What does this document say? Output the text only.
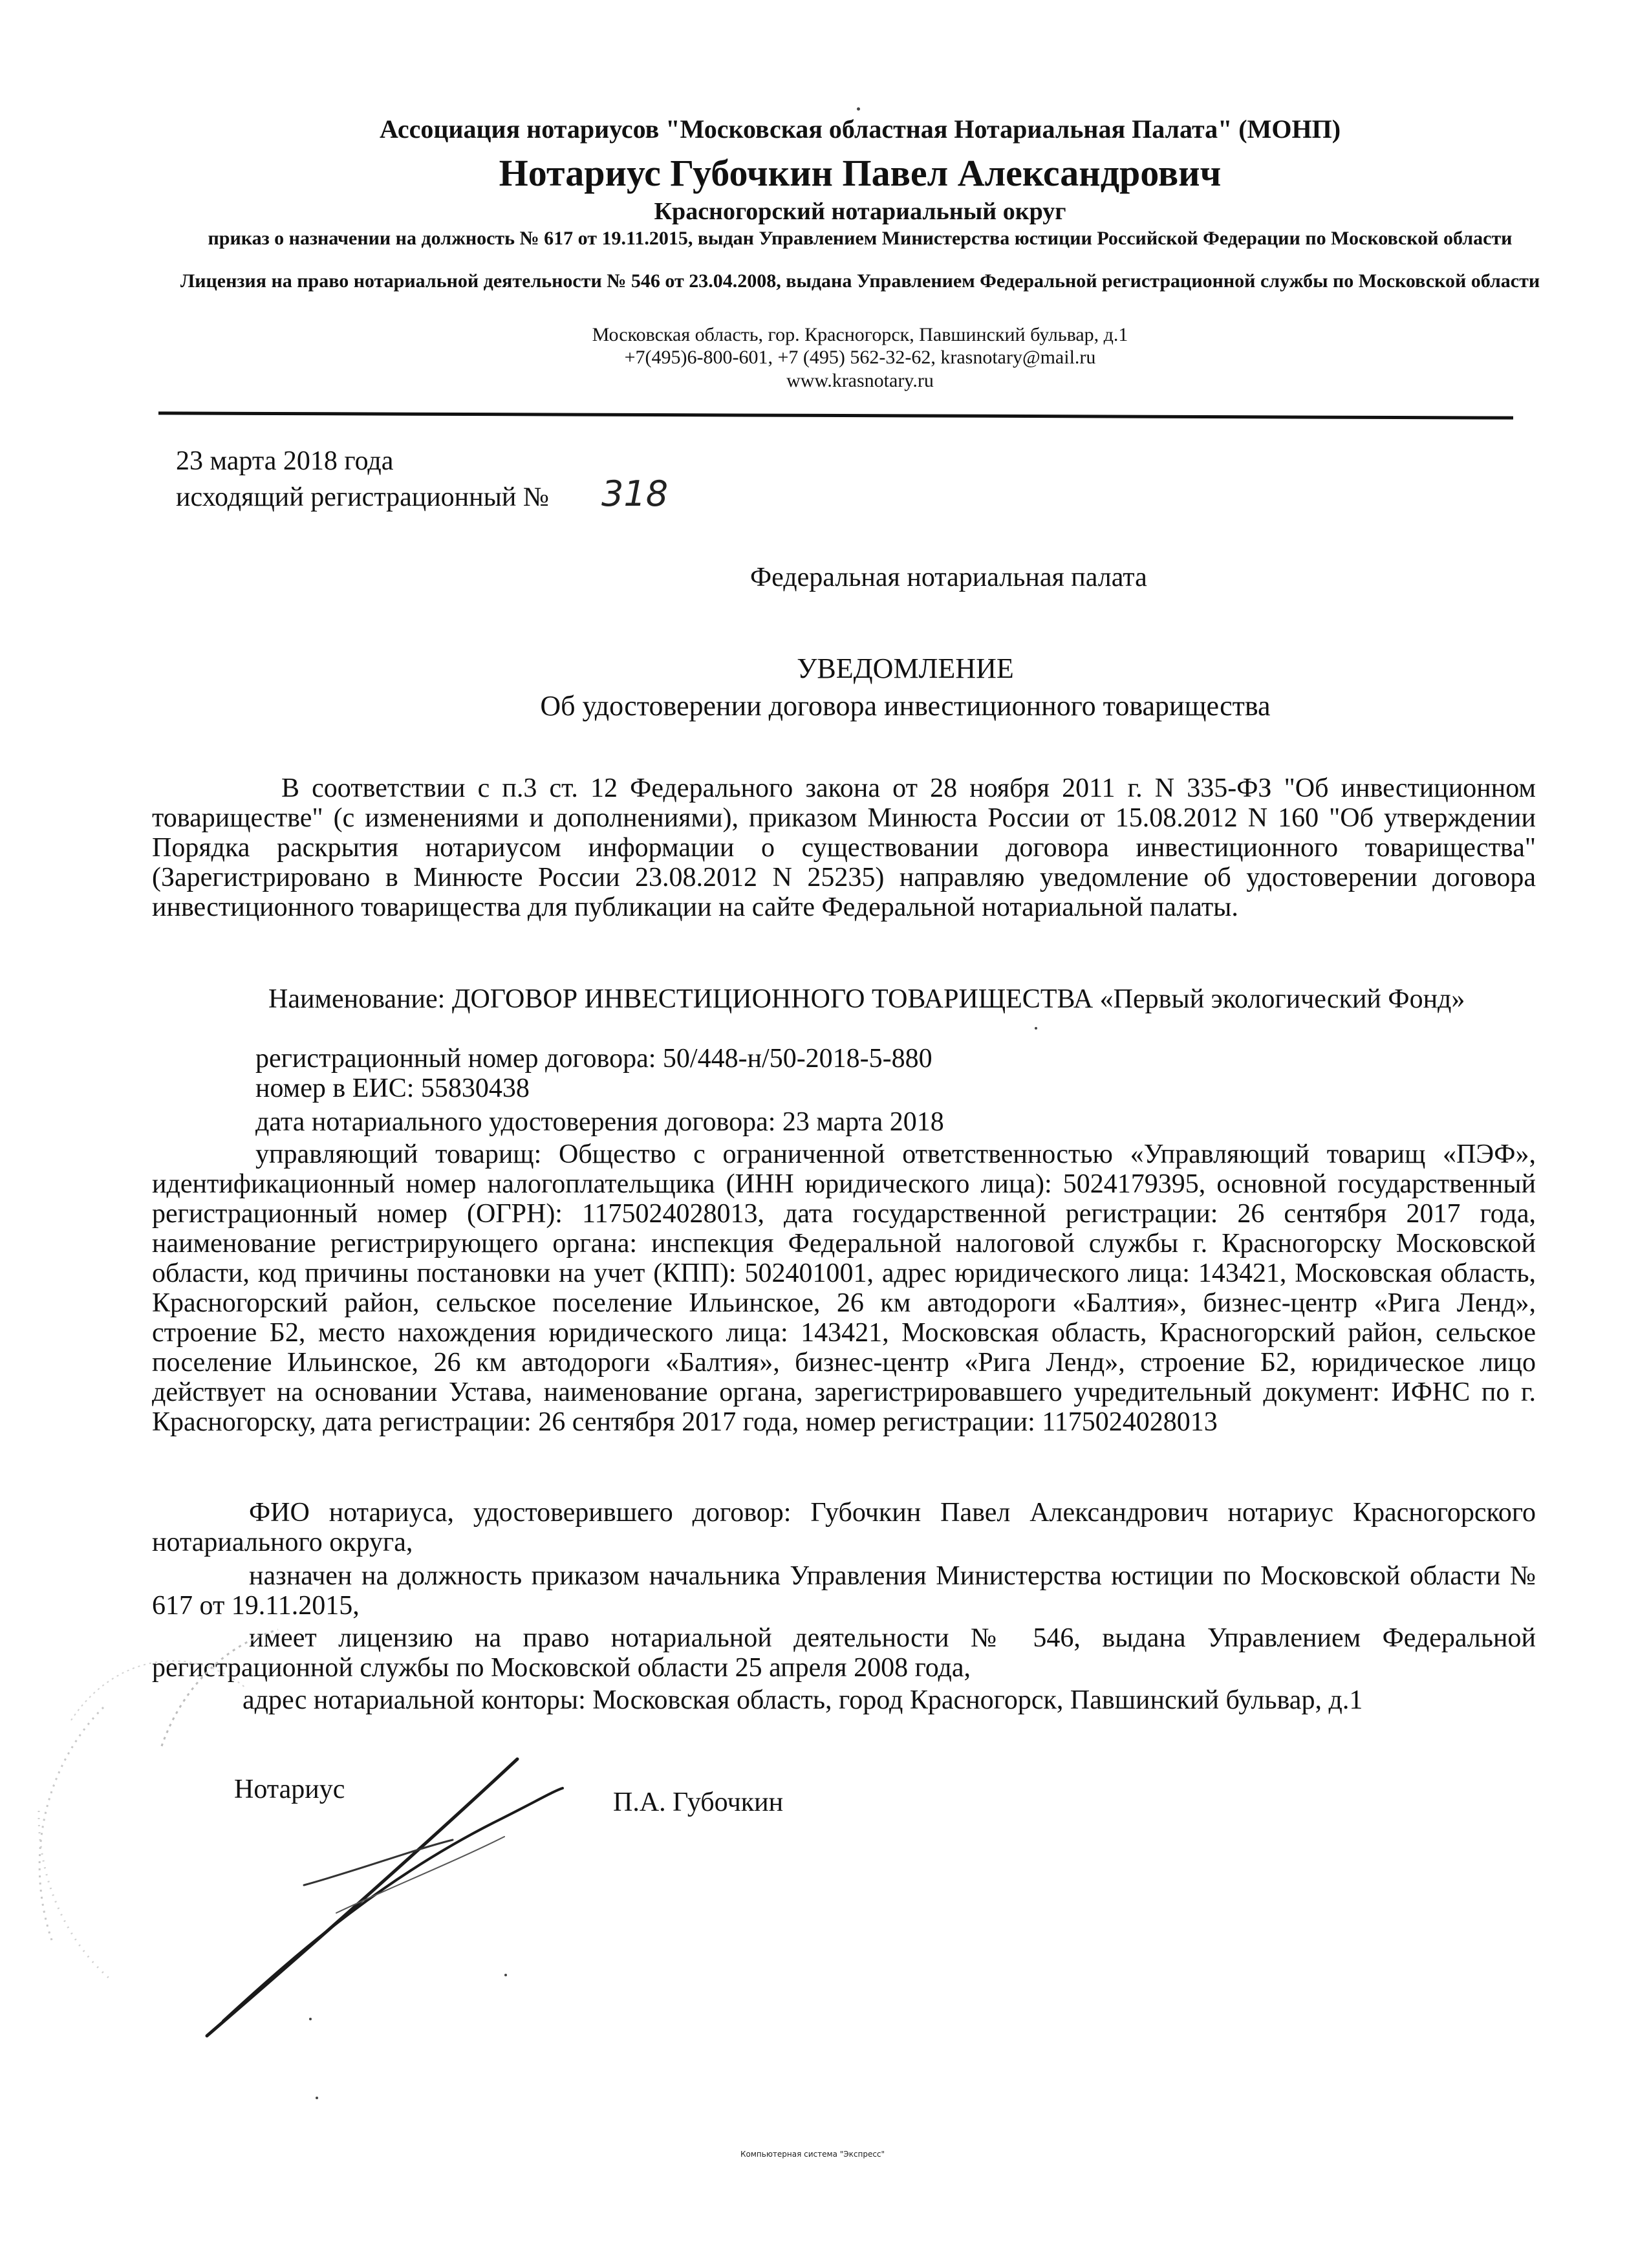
Ассоциация нотариусов "Московская областная Нотариальная Палата" (МОНП)
Нотариус Губочкин Павел Александрович
Красногорский нотариальный округ
приказ о назначении на должность № 617 от 19.11.2015, выдан Управлением Министерства юстиции Российской Федерации по Московской области
Лицензия на право нотариальной деятельности № 546 от 23.04.2008, выдана Управлением Федеральной регистрационной службы по Московской области
Московская область, гор. Красногорск, Павшинский бульвар, д.1
+7(495)6-800-601, +7 (495) 562-32-62, krasnotary@mail.ru
www.krasnotary.ru
23 марта 2018 года
исходящий регистрационный № 318
Федеральная нотариальная палата
УВЕДОМЛЕНИЕ
Об удостоверении договора инвестиционного товарищества
В соответствии с п.3 ст. 12 Федерального закона от 28 ноября 2011 г. N 335-ФЗ "Об инвестиционном товариществе" (с изменениями и дополнениями), приказом Минюста России от 15.08.2012 N 160 "Об утверждении Порядка раскрытия нотариусом информации о существовании договора инвестиционного товарищества" (Зарегистрировано в Минюсте России 23.08.2012 N 25235) направляю уведомление об удостоверении договора инвестиционного товарищества для публикации на сайте Федеральной нотариальной палаты.
Наименование: ДОГОВОР ИНВЕСТИЦИОННОГО ТОВАРИЩЕСТВА «Первый экологический Фонд»
регистрационный номер договора: 50/448-н/50-2018-5-880
номер в ЕИС: 55830438
дата нотариального удостоверения договора: 23 марта 2018
управляющий товарищ: Общество с ограниченной ответственностью «Управляющий товарищ «ПЭФ», идентификационный номер налогоплательщика (ИНН юридического лица): 5024179395, основной государственный регистрационный номер (ОГРН): 1175024028013, дата государственной регистрации: 26 сентября 2017 года, наименование регистрирующего органа: инспекция Федеральной налоговой службы г. Красногорску Московской области, код причины постановки на учет (КПП): 502401001, адрес юридического лица: 143421, Московская область, Красногорский район, сельское поселение Ильинское, 26 км автодороги «Балтия», бизнес-центр «Рига Ленд», строение Б2, место нахождения юридического лица: 143421, Московская область, Красногорский район, сельское поселение Ильинское, 26 км автодороги «Балтия», бизнес-центр «Рига Ленд», строение Б2, юридическое лицо действует на основании Устава, наименование органа, зарегистрировавшего учредительный документ: ИФНС по г. Красногорску, дата регистрации: 26 сентября 2017 года, номер регистрации: 1175024028013
ФИО нотариуса, удостоверившего договор: Губочкин Павел Александрович нотариус Красногорского нотариального округа,
назначен на должность приказом начальника Управления Министерства юстиции по Московской области № 617 от 19.11.2015,
имеет лицензию на право нотариальной деятельности № 546, выдана Управлением Федеральной регистрационной службы по Московской области 25 апреля 2008 года,
адрес нотариальной конторы: Московская область, город Красногорск, Павшинский бульвар, д.1
Нотариус	П.А. Губочкин
Компьютерная система "Экспресс"
